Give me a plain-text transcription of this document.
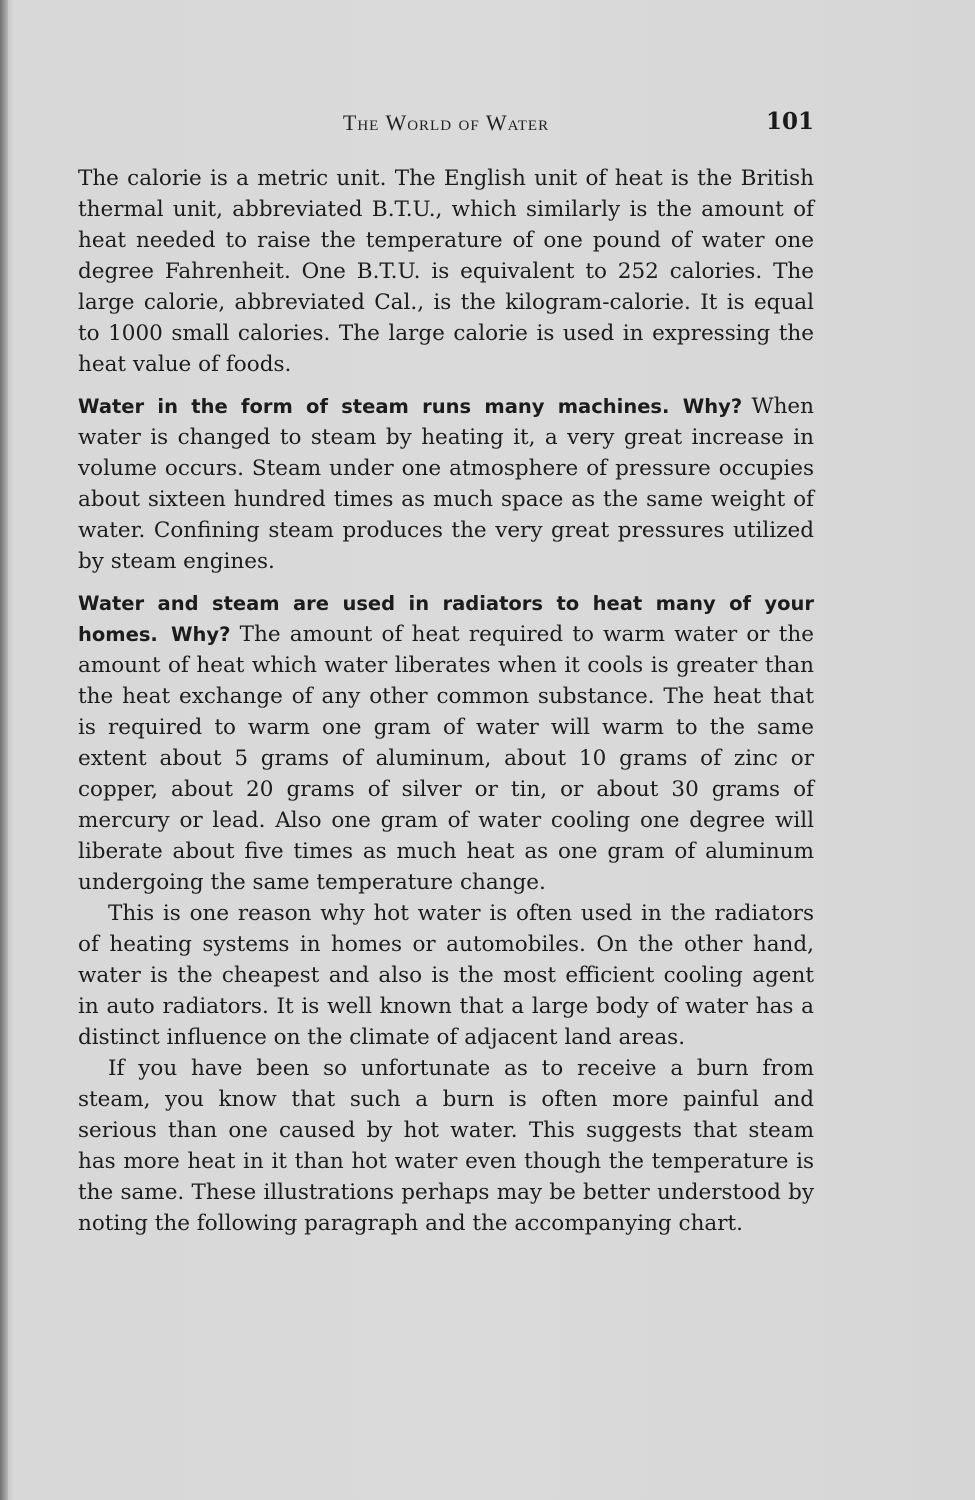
The World of Water	101

The calorie is a metric unit. The English unit of heat is the British thermal unit, abbreviated B.T.U., which similarly is the amount of heat needed to raise the temperature of one pound of water one degree Fahrenheit. One B.T.U. is equivalent to 252 calories. The large calorie, abbreviated Cal., is the kilogram-calorie. It is equal to 1000 small calories. The large calorie is used in expressing the heat value of foods.

Water in the form of steam runs many machines. Why? When water is changed to steam by heating it, a very great increase in volume occurs. Steam under one atmosphere of pressure occupies about sixteen hundred times as much space as the same weight of water. Confining steam produces the very great pressures utilized by steam engines.

Water and steam are used in radiators to heat many of your homes. Why? The amount of heat required to warm water or the amount of heat which water liberates when it cools is greater than the heat exchange of any other common substance. The heat that is required to warm one gram of water will warm to the same extent about 5 grams of aluminum, about 10 grams of zinc or copper, about 20 grams of silver or tin, or about 30 grams of mercury or lead. Also one gram of water cooling one degree will liberate about five times as much heat as one gram of aluminum undergoing the same temperature change.

This is one reason why hot water is often used in the radiators of heating systems in homes or automobiles. On the other hand, water is the cheapest and also is the most efficient cooling agent in auto radiators. It is well known that a large body of water has a distinct influence on the climate of adjacent land areas.

If you have been so unfortunate as to receive a burn from steam, you know that such a burn is often more painful and serious than one caused by hot water. This suggests that steam has more heat in it than hot water even though the temperature is the same. These illustrations perhaps may be better understood by noting the following paragraph and the accompanying chart.
